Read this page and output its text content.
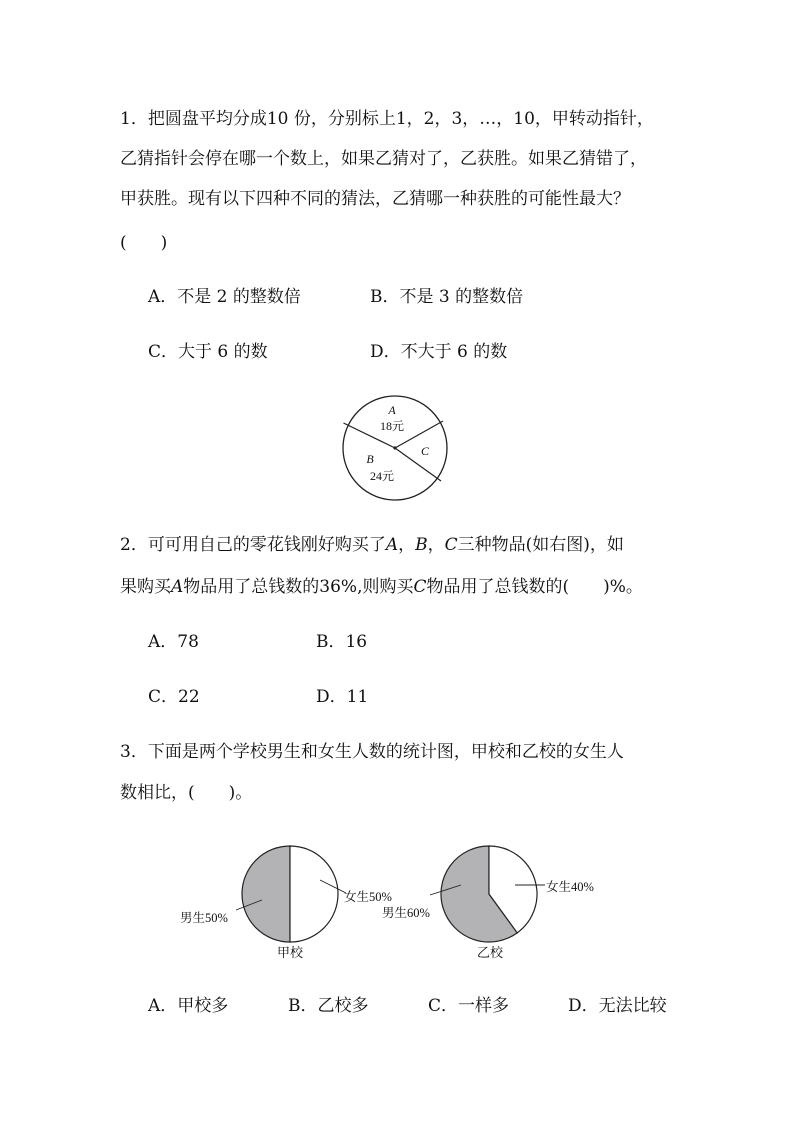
1．把圆盘平均分成10 份，分别标上1，2，3，…，10，甲转动指针，
乙猜指针会停在哪一个数上，如果乙猜对了，乙获胜。如果乙猜错了，
甲获胜。现有以下四种不同的猜法，乙猜哪一种获胜的可能性最大？
(　　)
A．不是 2 的整数倍	B．不是 3 的整数倍
C．大于 6 的数	D．不大于 6 的数
A
18元
B
24元
C
2．可可用自己的零花钱刚好购买了A，B，C三种物品(如右图)，如
果购买A物品用了总钱数的36%,则购买C物品用了总钱数的(　　)%。
A．78	B．16
C．22	D．11
3．下面是两个学校男生和女生人数的统计图，甲校和乙校的女生人
数相比，(　　)。
女生50%
男生50%
甲校
女生40%
男生60%
乙校
A．甲校多	B．乙校多	C．一样多	D．无法比较
